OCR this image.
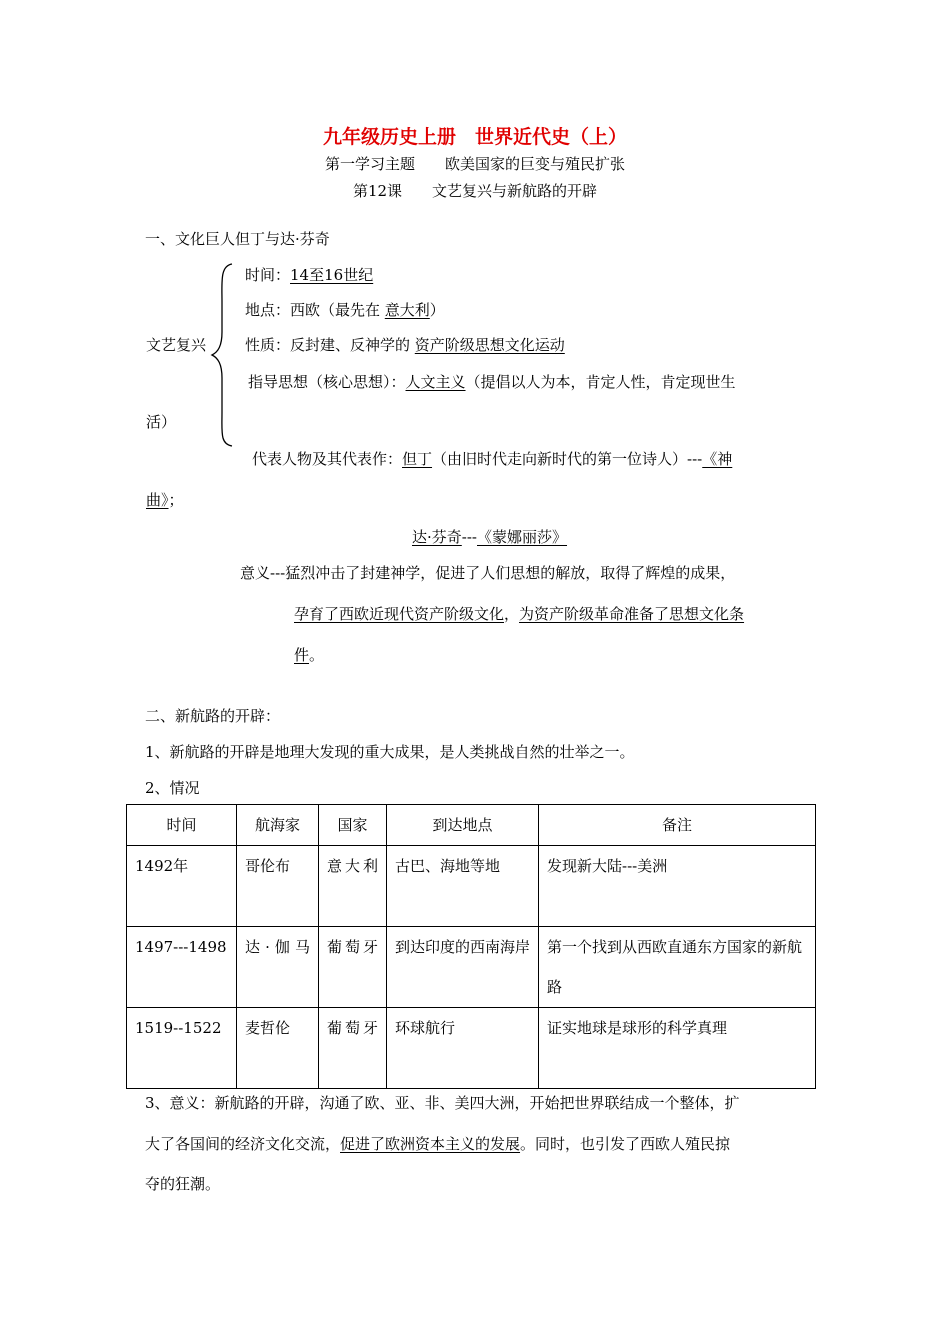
九年级历史上册　世界近代史（上）
第一学习主题　　欧美国家的巨变与殖民扩张
第12课　　文艺复兴与新航路的开辟
一、文化巨人但丁与达·芬奇
文艺复兴
时间：14至16世纪
地点：西欧（最先在 意大利）
性质：反封建、反神学的 资产阶级思想文化运动
指导思想（核心思想）：人文主义（提倡以人为本，肯定人性，肯定现世生
活）
代表人物及其代表作：但丁（由旧时代走向新时代的第一位诗人）---《神
曲》；
达·芬奇---《蒙娜丽莎》
意义---猛烈冲击了封建神学，促进了人们思想的解放，取得了辉煌的成果，
孕育了西欧近现代资产阶级文化，为资产阶级革命准备了思想文化条
件。
二、新航路的开辟：
1、新航路的开辟是地理大发现的重大成果，是人类挑战自然的壮举之一。
2、情况
时间	航海家	国家	到达地点	备注
1492年	哥伦布	意大利	古巴、海地等地	发现新大陆---美洲
1497---1498	达·伽马	葡萄牙	到达印度的西南海岸	第一个找到从西欧直通东方国家的新航路
1519--1522	麦哲伦	葡萄牙	环球航行	证实地球是球形的科学真理
3、意义：新航路的开辟，沟通了欧、亚、非、美四大洲，开始把世界联结成一个整体，扩
大了各国间的经济文化交流，促进了欧洲资本主义的发展。同时，也引发了西欧人殖民掠
夺的狂潮。
